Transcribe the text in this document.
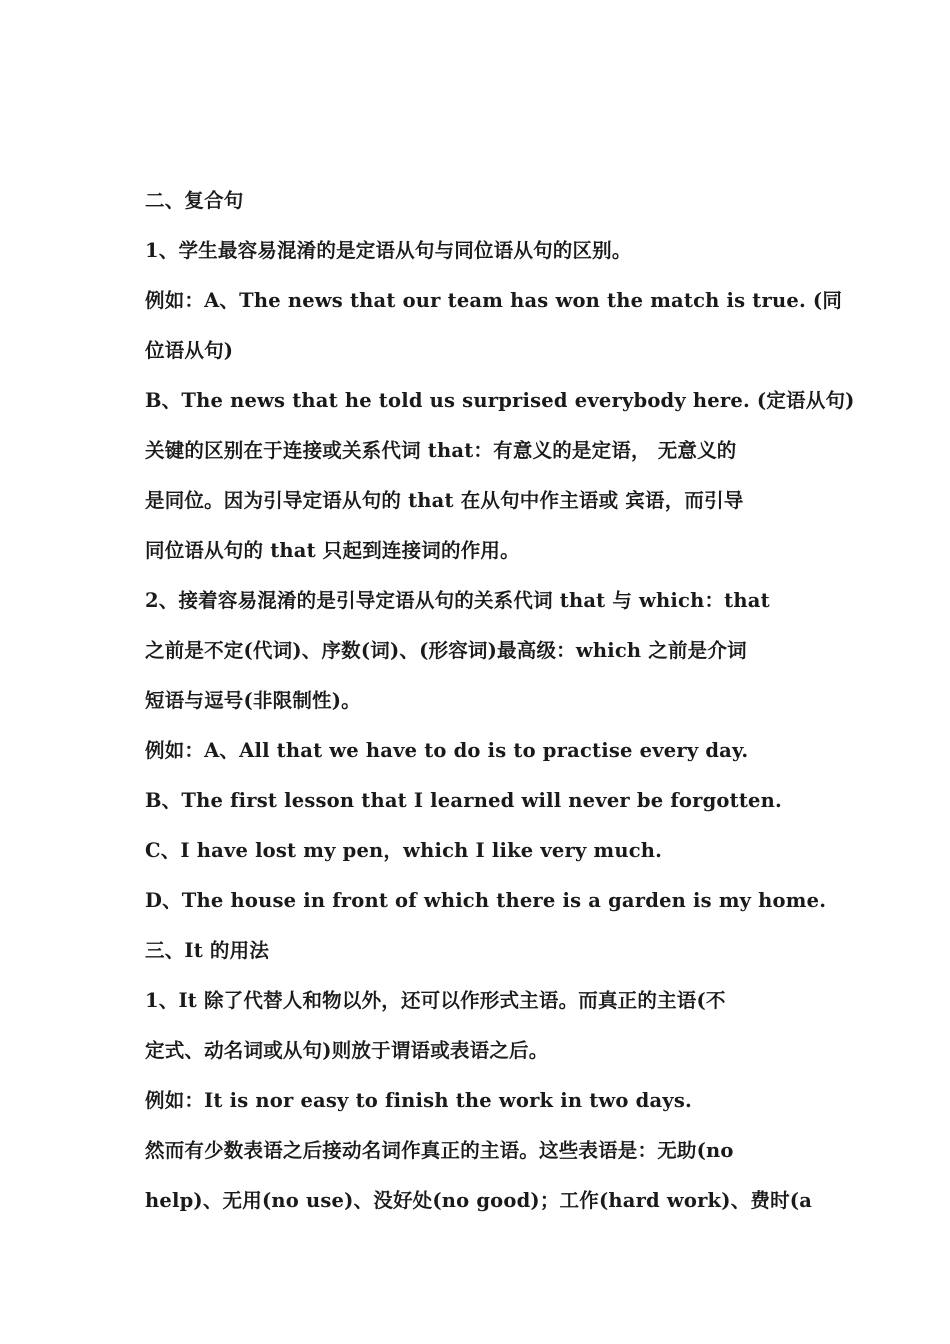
二、复合句
1、学生最容易混淆的是定语从句与同位语从句的区别。
例如：A、The news that our team has won the match is true. (同
位语从句)
B、The news that he told us surprised everybody here. (定语从句)
关键的区别在于连接或关系代词 that：有意义的是定语， 无意义的
是同位。因为引导定语从句的 that 在从句中作主语或 宾语，而引导
同位语从句的 that 只起到连接词的作用。
2、接着容易混淆的是引导定语从句的关系代词 that 与 which：that
之前是不定(代词)、序数(词)、(形容词)最高级：which 之前是介词
短语与逗号(非限制性)。
例如：A、All that we have to do is to practise every day.
B、The first lesson that I learned will never be forgotten.
C、I have lost my pen，which I like very much.
D、The house in front of which there is a garden is my home.
三、It 的用法
1、It 除了代替人和物以外，还可以作形式主语。而真正的主语(不
定式、动名词或从句)则放于谓语或表语之后。
例如：It is nor easy to finish the work in two days.
然而有少数表语之后接动名词作真正的主语。这些表语是：无助(no
help)、无用(no use)、没好处(no good)；工作(hard work)、费时(a
